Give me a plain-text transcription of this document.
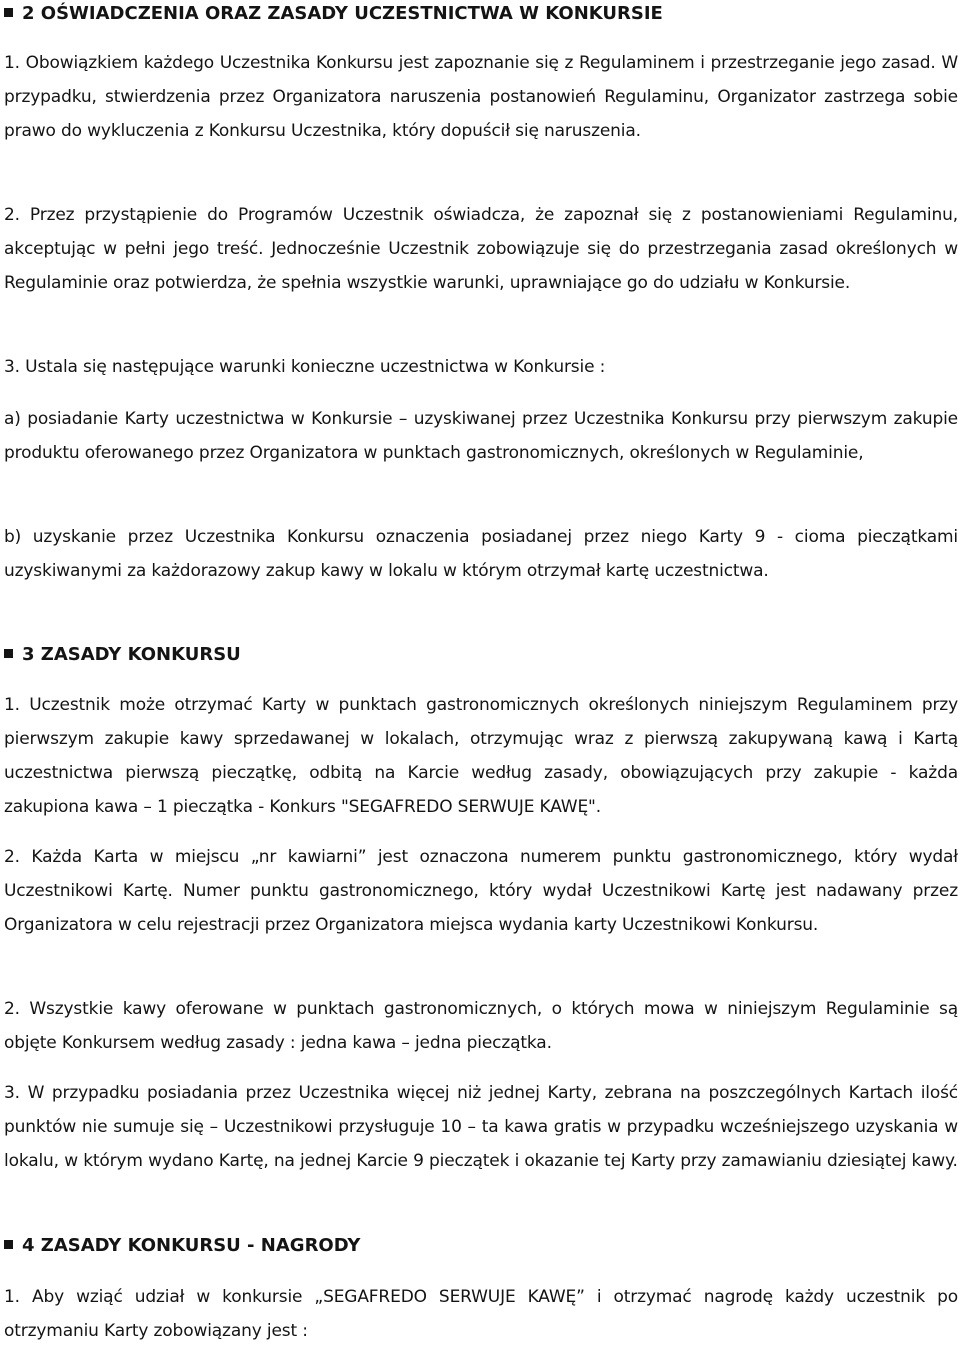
2 OŚWIADCZENIA ORAZ ZASADY UCZESTNICTWA W KONKURSIE
1. Obowiązkiem każdego Uczestnika Konkursu jest zapoznanie się z Regulaminem i przestrzeganie jego zasad. W przypadku, stwierdzenia przez Organizatora naruszenia postanowień Regulaminu, Organizator zastrzega sobie prawo do wykluczenia z Konkursu Uczestnika, który dopuścił się naruszenia.
2. Przez przystąpienie do Programów Uczestnik oświadcza, że zapoznał się z postanowieniami Regulaminu, akceptując w pełni jego treść. Jednocześnie Uczestnik zobowiązuje się do przestrzegania zasad określonych w Regulaminie oraz potwierdza, że spełnia wszystkie warunki, uprawniające go do udziału w Konkursie.
3. Ustala się następujące warunki konieczne uczestnictwa w Konkursie :
a) posiadanie Karty uczestnictwa w Konkursie – uzyskiwanej przez Uczestnika Konkursu przy pierwszym zakupie produktu oferowanego przez Organizatora w punktach gastronomicznych, określonych w Regulaminie,
b) uzyskanie przez Uczestnika Konkursu oznaczenia posiadanej przez niego Karty 9 - cioma pieczątkami uzyskiwanymi za każdorazowy zakup kawy w lokalu w którym otrzymał kartę uczestnictwa.
3 ZASADY KONKURSU
1. Uczestnik może otrzymać Karty w punktach gastronomicznych określonych niniejszym Regulaminem przy pierwszym zakupie kawy sprzedawanej w lokalach, otrzymując wraz z pierwszą zakupywaną kawą i Kartą uczestnictwa pierwszą pieczątkę, odbitą na Karcie według zasady, obowiązujących przy zakupie - każda zakupiona kawa – 1 pieczątka - Konkurs "SEGAFREDO SERWUJE KAWĘ".
2. Każda Karta w miejscu „nr kawiarni” jest oznaczona numerem punktu gastronomicznego, który wydał Uczestnikowi Kartę. Numer punktu gastronomicznego, który wydał Uczestnikowi Kartę jest nadawany przez Organizatora w celu rejestracji przez Organizatora miejsca wydania karty Uczestnikowi Konkursu.
2. Wszystkie kawy oferowane w punktach gastronomicznych, o których mowa w niniejszym Regulaminie są objęte Konkursem według zasady : jedna kawa – jedna pieczątka.
3. W przypadku posiadania przez Uczestnika więcej niż jednej Karty, zebrana na poszczególnych Kartach ilość punktów nie sumuje się – Uczestnikowi przysługuje 10 – ta kawa gratis w przypadku wcześniejszego uzyskania w lokalu, w którym wydano Kartę, na jednej Karcie 9 pieczątek i okazanie tej Karty przy zamawianiu dziesiątej kawy.
4 ZASADY KONKURSU - NAGRODY
1. Aby wziąć udział w konkursie „SEGAFREDO SERWUJE KAWĘ” i otrzymać nagrodę każdy uczestnik po otrzymaniu Karty zobowiązany jest :
